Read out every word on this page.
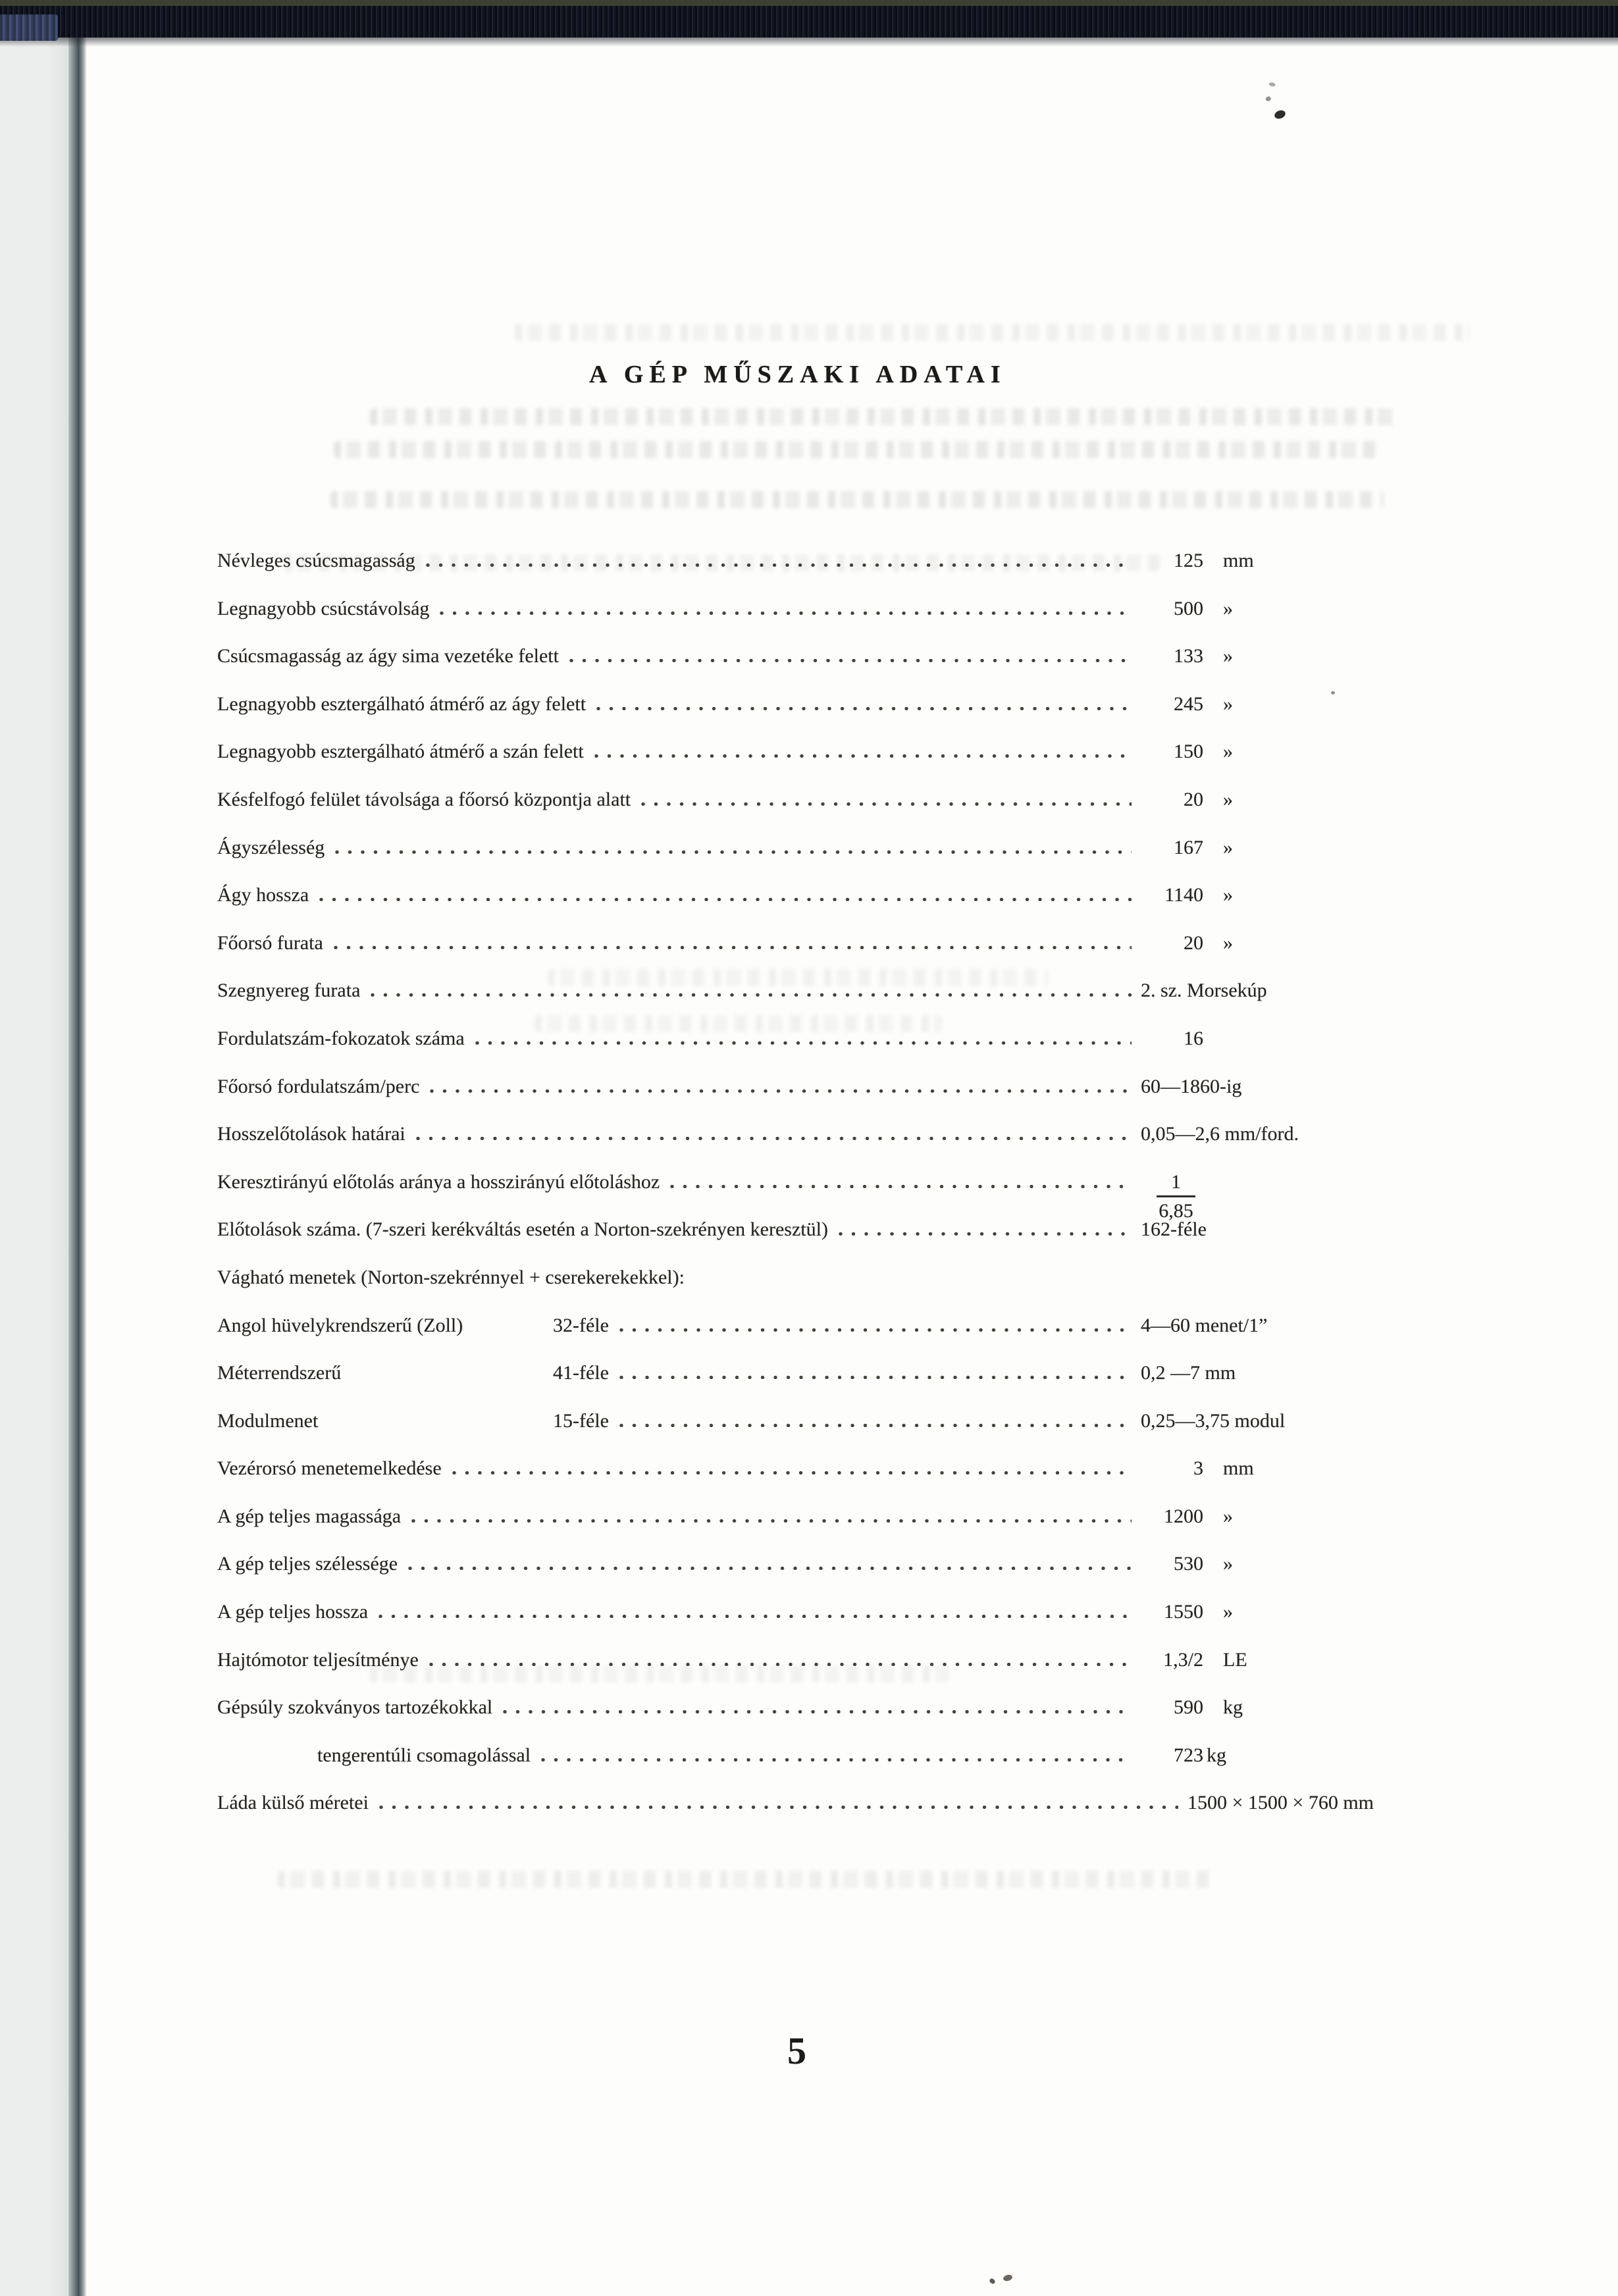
A GÉP MŰSZAKI ADATAI
Névleges csúcsmagasság	125 mm
Legnagyobb csúcstávolság	500 »
Csúcsmagasság az ágy sima vezetéke felett	133 »
Legnagyobb esztergálható átmérő az ágy felett	245 »
Legnagyobb esztergálható átmérő a szán felett	150 »
Késfelfogó felület távolsága a főorsó központja alatt	20 »
Ágyszélesség	167 »
Ágy hossza	1140 »
Főorsó furata	20 »
Szegnyereg furata	2. sz. Morsekúp
Fordulatszám-fokozatok száma	16
Főorsó fordulatszám/perc	60—1860-ig
Hosszelőtolások határai	0,05—2,6 mm/ford.
Keresztirányú előtolás aránya a hosszirányú előtoláshoz	$\frac{1}{6,85}$
Előtolások száma. (7-szeri kerékváltás esetén a Norton-szekrényen keresztül)	162-féle
Vágható menetek (Norton-szekrénnyel + cserekerekekkel):
Angol hüvelykrendszerű (Zoll)	32-féle	4—60 menet/1”
Méterrendszerű	41-féle	0,2 —7 mm
Modulmenet	15-féle	0,25—3,75 modul
Vezérorsó menetemelkedése	3 mm
A gép teljes magassága	1200 »
A gép teljes szélessége	530 »
A gép teljes hossza	1550 »
Hajtómotor teljesítménye	1,3/2 LE
Gépsúly szokványos tartozékokkal	590 kg
tengerentúli csomagolással	723 kg
Láda külső méretei	1500 × 1500 × 760 mm
5
